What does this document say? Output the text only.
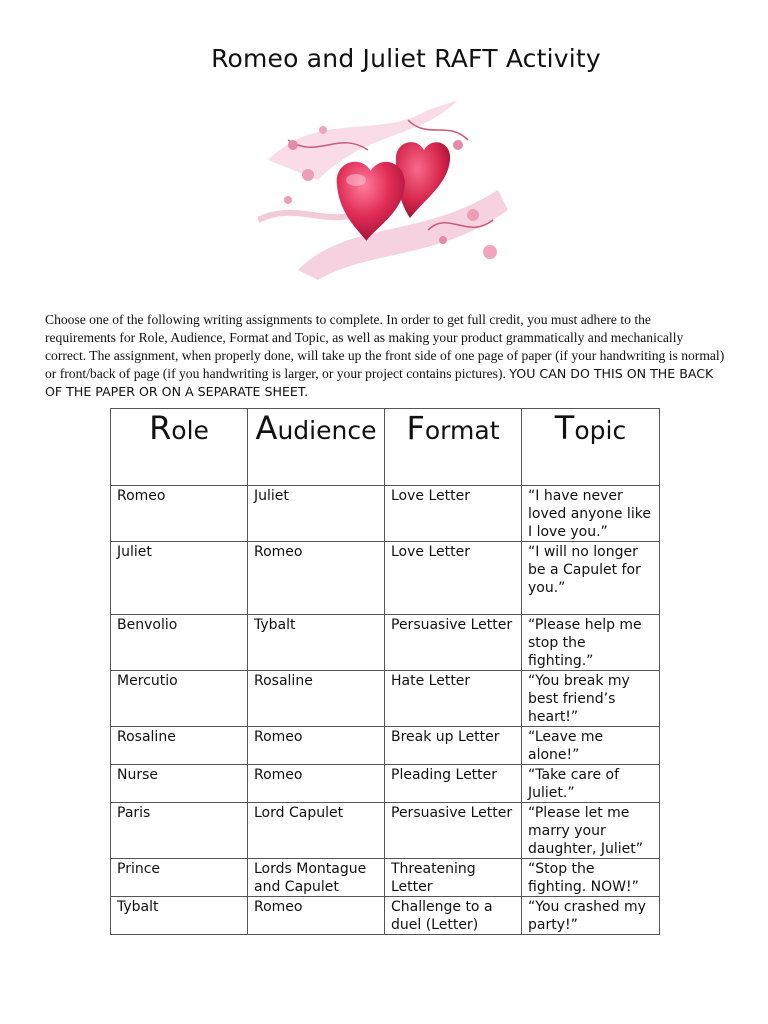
Romeo and Juliet RAFT Activity
Choose one of the following writing assignments to complete. In order to get full credit, you must adhere to the requirements for Role, Audience, Format and Topic, as well as making your product grammatically and mechanically correct. The assignment, when properly done, will take up the front side of one page of paper (if your handwriting is normal) or front/back of page (if you handwriting is larger, or your project contains pictures). YOU CAN DO THIS ON THE BACK OF THE PAPER OR ON A SEPARATE SHEET.
Role	Audience	Format	Topic
Romeo	Juliet	Love Letter	“I have never loved anyone like I love you.”
Juliet	Romeo	Love Letter	“I will no longer be a Capulet for you.”
Benvolio	Tybalt	Persuasive Letter	“Please help me stop the fighting.”
Mercutio	Rosaline	Hate Letter	“You break my best friend’s heart!”
Rosaline	Romeo	Break up Letter	“Leave me alone!”
Nurse	Romeo	Pleading Letter	“Take care of Juliet.”
Paris	Lord Capulet	Persuasive Letter	“Please let me marry your daughter, Juliet”
Prince	Lords Montague and Capulet	Threatening Letter	“Stop the fighting. NOW!”
Tybalt	Romeo	Challenge to a duel (Letter)	“You crashed my party!”
